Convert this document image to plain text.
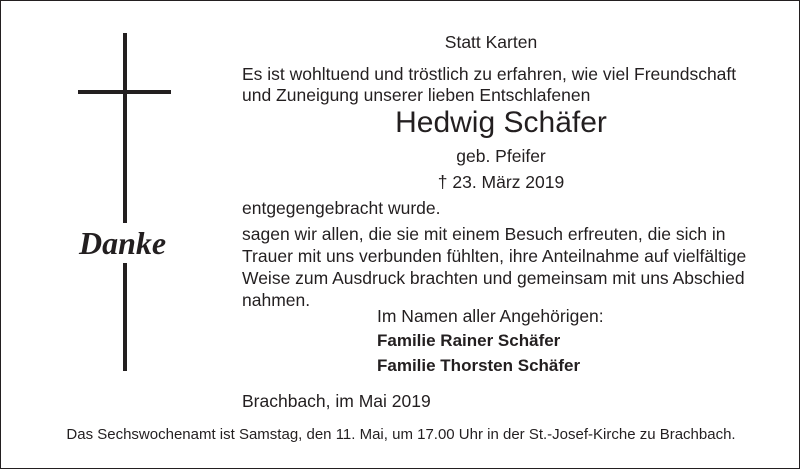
Danke
Statt Karten
Es ist wohltuend und tröstlich zu erfahren, wie viel Freundschaft
und Zuneigung unserer lieben Entschlafenen
Hedwig Schäfer
geb. Pfeifer
† 23. März 2019
entgegengebracht wurde.
sagen wir allen, die sie mit einem Besuch erfreuten, die sich in
Trauer mit uns verbunden fühlten, ihre Anteilnahme auf vielfältige
Weise zum Ausdruck brachten und gemeinsam mit uns Abschied
nahmen.
Im Namen aller Angehörigen:
Familie Rainer Schäfer
Familie Thorsten Schäfer
Brachbach, im Mai 2019
Das Sechswochenamt ist Samstag, den 11. Mai, um 17.00 Uhr in der St.-Josef-Kirche zu Brachbach.
